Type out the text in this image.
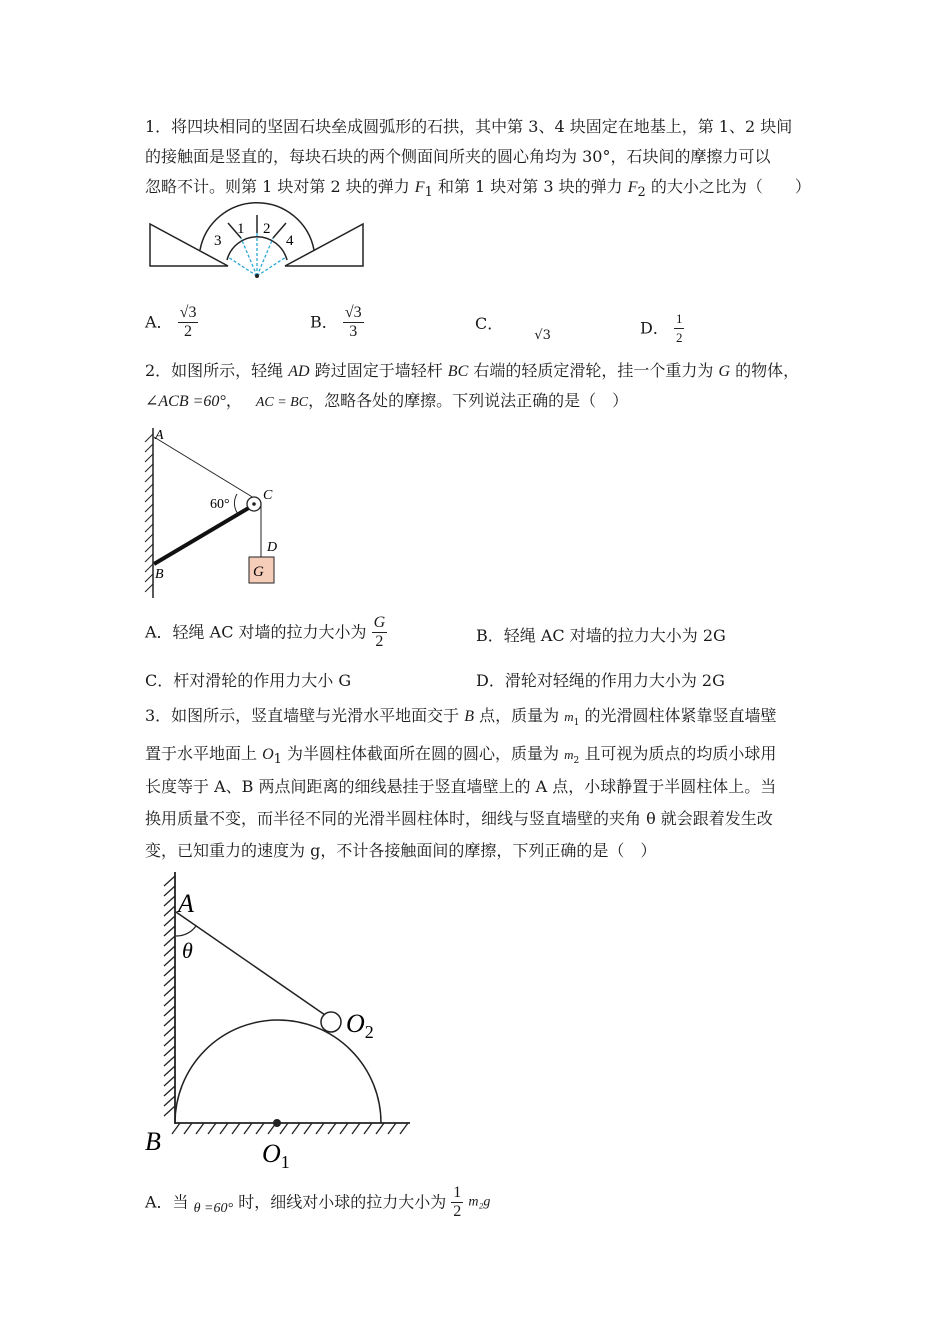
1．将四块相同的坚固石块垒成圆弧形的石拱，其中第 3、4 块固定在地基上，第 1、2 块间
的接触面是竖直的，每块石块的两个侧面间所夹的圆心角均为 30°，石块间的摩擦力可以
忽略不计。则第 1 块对第 2 块的弹力 $F_1$ 和第 1 块对第 3 块的弹力 $F_2$ 的大小之比为（　　）
3
1 2
4
A． $\frac{√3}{2}$	B． $\frac{√3}{3}$	C． $_{√3}$	D． $\frac{1}{2}$
2．如图所示，轻绳 AD 跨过固定于墙轻杆 BC 右端的轻质定滑轮，挂一个重力为 G 的物体，
∠ACB =60°， AC = BC，忽略各处的摩擦。下列说法正确的是（　）
G
A
B
C
D
60°
A．轻绳 AC 对墙的拉力大小为 $\frac{G}{2}$	B．轻绳 AC 对墙的拉力大小为 2G
C．杆对滑轮的作用力大小 G	D．滑轮对轻绳的作用力大小为 2G
3．如图所示，竖直墙壁与光滑水平地面交于 B 点，质量为 $m_1$ 的光滑圆柱体紧靠竖直墙壁
置于水平地面上 $O_1$ 为半圆柱体截面所在圆的圆心，质量为 $m_2$ 且可视为质点的均质小球用
长度等于 A、B 两点间距离的细线悬挂于竖直墙壁上的 A 点，小球静置于半圆柱体上。当
换用质量不变，而半径不同的光滑半圆柱体时，细线与竖直墙壁的夹角 θ 就会跟着发生改
变，已知重力的速度为 g，不计各接触面间的摩擦，下列正确的是（　）
A
θ
$O_2$
B	$O_1$
A．当 θ =60° 时，细线对小球的拉力大小为 $\frac{1}{2} m_2g$
